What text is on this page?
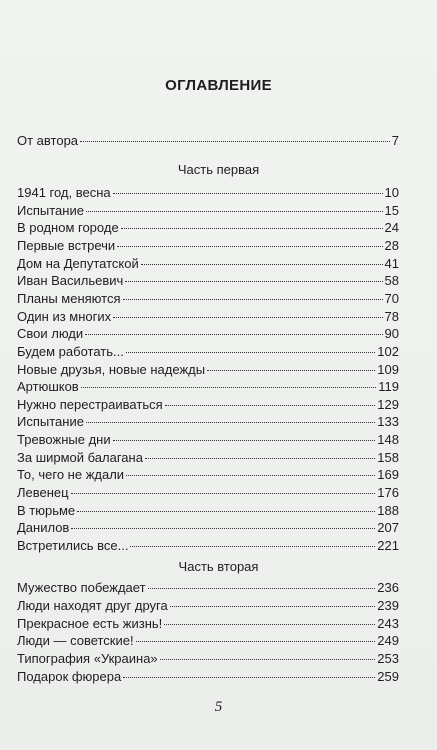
ОГЛАВЛЕНИЕ
От автора	7
Часть первая
1941 год, весна	10
Испытание	15
В родном городе	24
Первые встречи	28
Дом на Депутатской	41
Иван Васильевич	58
Планы меняются	70
Один из многих	78
Свои люди	90
Будем работать...	102
Новые друзья, новые надежды	109
Артюшков	119
Нужно перестраиваться	129
Испытание	133
Тревожные дни	148
За ширмой балагана	158
То, чего не ждали	169
Левенец	176
В тюрьме	188
Данилов	207
Встретились все...	221
Часть вторая
Мужество побеждает	236
Люди находят друг друга	239
Прекрасное есть жизнь!	243
Люди — советские!	249
Типография «Украина»	253
Подарок фюрера	259
5
